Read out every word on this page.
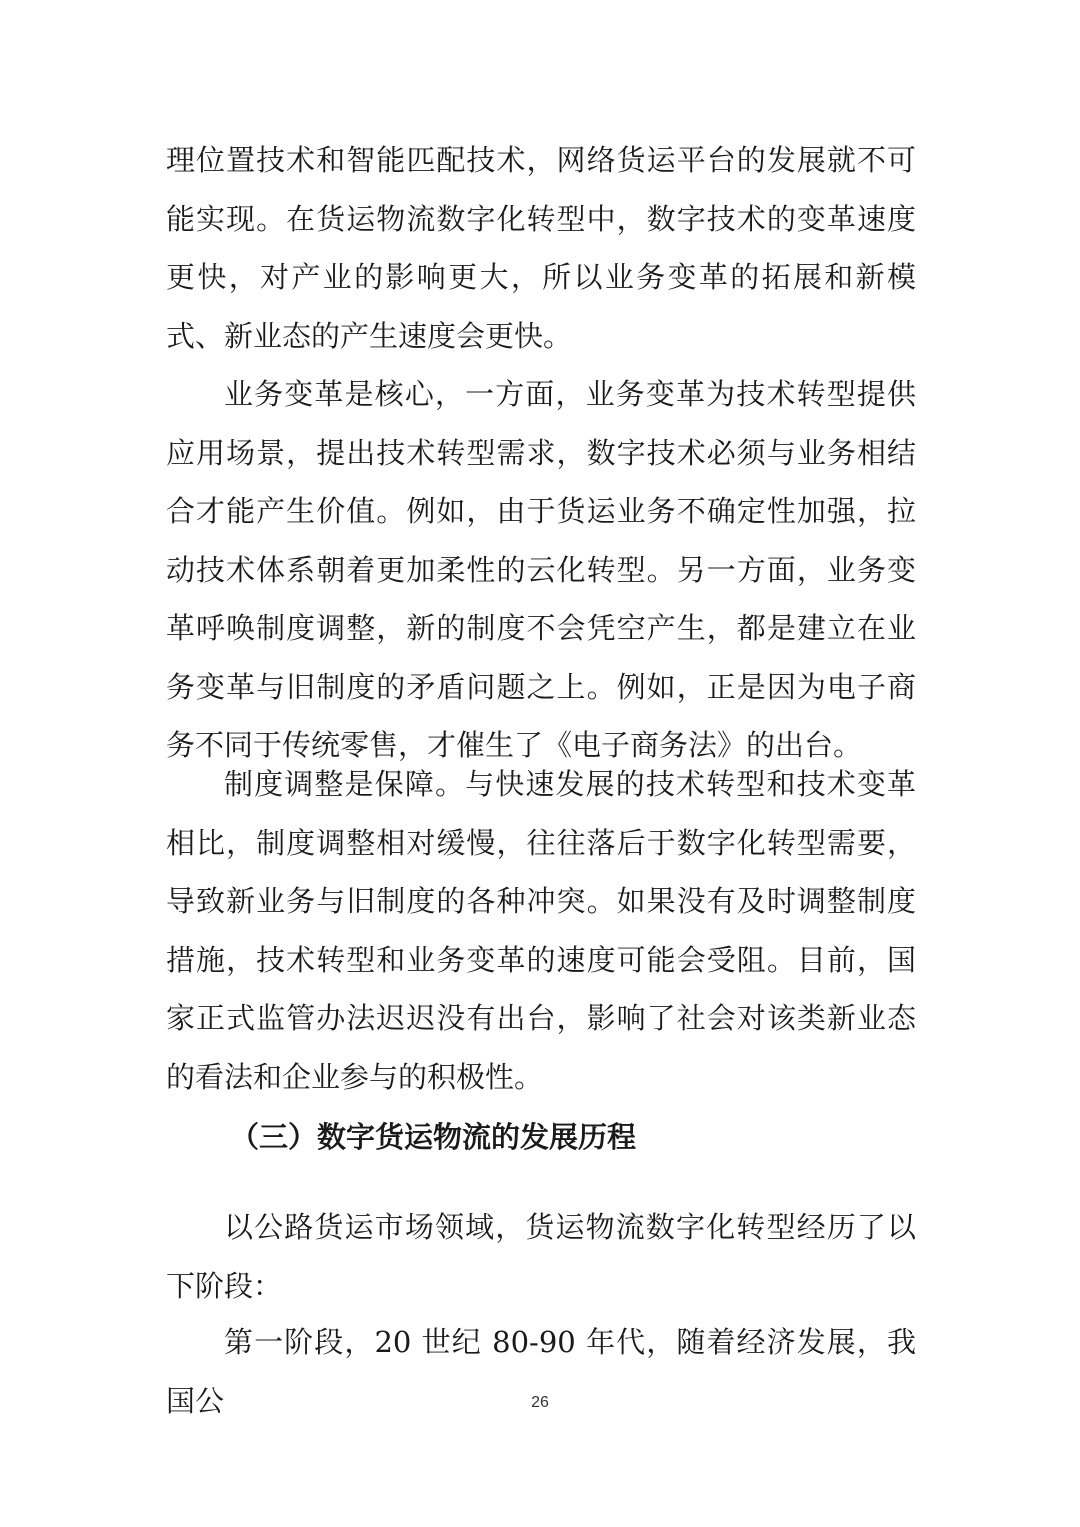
理位置技术和智能匹配技术，网络货运平台的发展就不可能实现。在货运物流数字化转型中，数字技术的变革速度更快，对产业的影响更大，所以业务变革的拓展和新模式、新业态的产生速度会更快。

业务变革是核心，一方面，业务变革为技术转型提供应用场景，提出技术转型需求，数字技术必须与业务相结合才能产生价值。例如，由于货运业务不确定性加强，拉动技术体系朝着更加柔性的云化转型。另一方面，业务变革呼唤制度调整，新的制度不会凭空产生，都是建立在业务变革与旧制度的矛盾问题之上。例如，正是因为电子商务不同于传统零售，才催生了《电子商务法》的出台。

制度调整是保障。与快速发展的技术转型和技术变革相比，制度调整相对缓慢，往往落后于数字化转型需要，导致新业务与旧制度的各种冲突。如果没有及时调整制度措施，技术转型和业务变革的速度可能会受阻。目前，国家正式监管办法迟迟没有出台，影响了社会对该类新业态的看法和企业参与的积极性。

（三）数字货运物流的发展历程

以公路货运市场领域，货运物流数字化转型经历了以下阶段：

第一阶段，20 世纪 80-90 年代，随着经济发展，我国公	26
